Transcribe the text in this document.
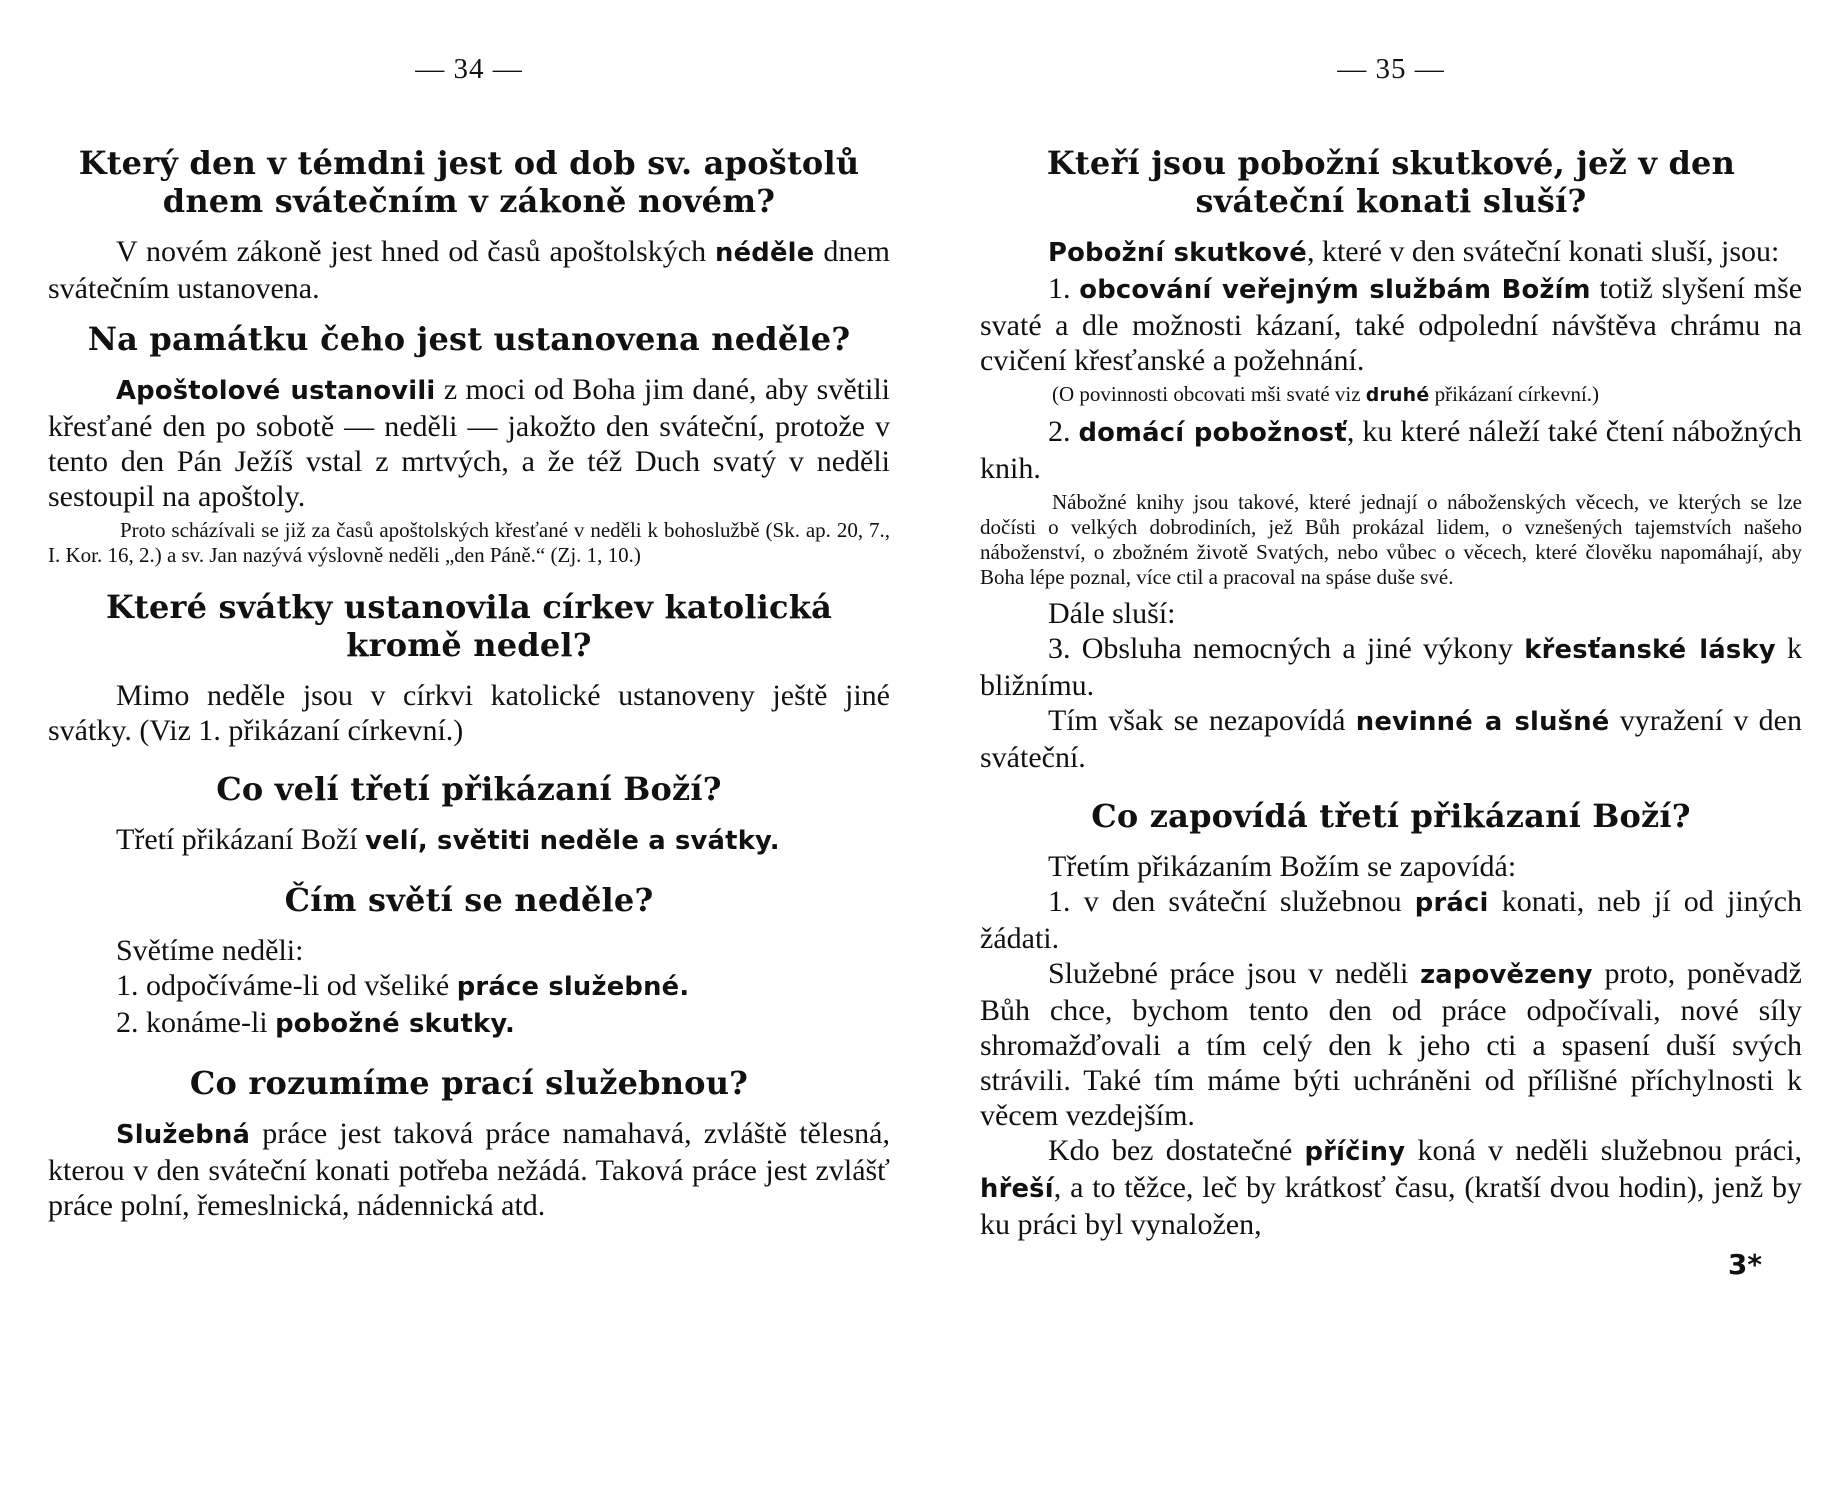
— 34 —
Který den v témdni jest od dob sv. apoštolů dnem svátečním v zákoně novém?

V novém zákoně jest hned od časů apoštolských néděle dnem svátečním ustanovena.

Na památku čeho jest ustanovena neděle?

Apoštolové ustanovili z moci od Boha jim dané, aby světili křesťané den po sobotě — neděli — jakožto den sváteční, protože v tento den Pán Ježíš vstal z mrtvých, a že též Duch svatý v neděli sestoupil na apoštoly.

Proto scházívali se již za časů apoštolských křesťané v neděli k bohoslužbě (Sk. ap. 20, 7., I. Kor. 16, 2.) a sv. Jan nazývá výslovně neděli „den Páně.“ (Zj. 1, 10.)
Které svátky ustanovila církev katolická kromě nedel?

Mimo neděle jsou v církvi katolické ustanoveny ještě jiné svátky. (Viz 1. přikázaní církevní.)

Co velí třetí přikázaní Boží?

Třetí přikázaní Boží velí, světiti neděle a svátky.

Čím světí se neděle?

Světíme neděli:

1. odpočíváme-li od všeliké práce služebné.

2. konáme-li pobožné skutky.

Co rozumíme prací služebnou?

Služebná práce jest taková práce namahavá, zvláště tělesná, kterou v den sváteční konati potřeba nežádá. Taková práce jest zvlášť práce polní, řemeslnická, nádennická atd.

— 35 —
Kteří jsou pobožní skutkové, jež v den sváteční konati sluší?

Pobožní skutkové, které v den sváteční konati sluší, jsou:

1. obcování veřejným službám Božím totiž slyšení mše svaté a dle možnosti kázaní, také odpolední návštěva chrámu na cvičení křesťanské a požehnání.

(O povinnosti obcovati mši svaté viz druhé přikázaní církevní.)

2. domácí pobožnosť, ku které náleží také čtení nábožných knih.

Nábožné knihy jsou takové, které jednají o náboženských věcech, ve kterých se lze dočísti o velkých dobrodiních, jež Bůh prokázal lidem, o vznešených tajemstvích našeho náboženství, o zbožném životě Svatých, nebo vůbec o věcech, které člověku napomáhají, aby Boha lépe poznal, více ctil a pracoval na spáse duše své.

Dále sluší:

3. Obsluha nemocných a jiné výkony křesťanské lásky k bližnímu.

Tím však se nezapovídá nevinné a slušné vyražení v den sváteční.

Co zapovídá třetí přikázaní Boží?

Třetím přikázaním Božím se zapovídá:

1. v den sváteční služebnou práci konati, neb jí od jiných žádati.

Služebné práce jsou v neděli zapovězeny proto, poněvadž Bůh chce, bychom tento den od práce odpočívali, nové síly shromažďovali a tím celý den k jeho cti a spasení duší svých strávili. Také tím máme býti uchráněni od přílišné příchylnosti k věcem vezdejším.

Kdo bez dostatečné příčiny koná v neděli služebnou práci, hřeší, a to těžce, leč by krátkosť času, (kratší dvou hodin), jenž by ku práci byl vynaložen,

3*
